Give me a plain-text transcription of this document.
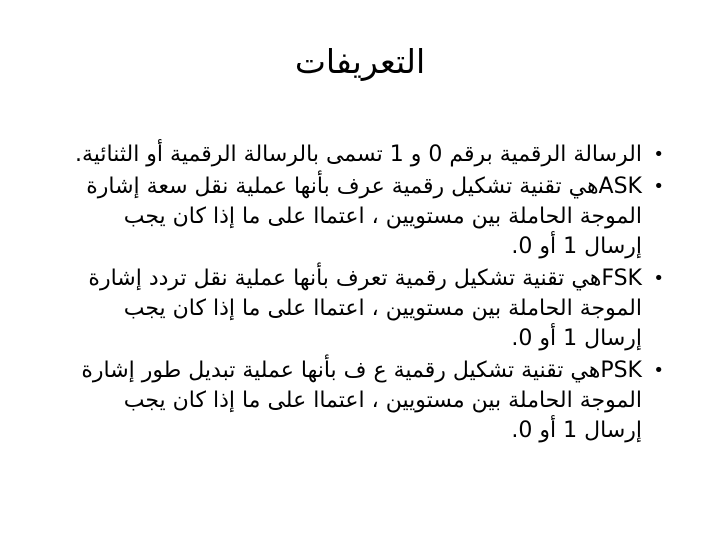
التعريفات
•
الرسالة الرقمية برقم 0 و 1 تسمى بالرسالة الرقمية أو الثنائية.
•
ASKهي تقنية تشكيل رقمية عرف بأنها عملية نقل سعة إشارة
الموجة الحاملة بين مستويين ، اعتماا على ما إذا كان يجب
إرسال 1 أو 0.
•
FSKهي تقنية تشكيل رقمية تعرف بأنها عملية نقل تردد إشارة
الموجة الحاملة بين مستويين ، اعتماا على ما إذا كان يجب
إرسال 1 أو 0.
•
PSKهي تقنية تشكيل رقمية ع ف بأنها عملية تبديل طور إشارة
الموجة الحاملة بين مستويين ، اعتماا على ما إذا كان يجب
إرسال 1 أو 0.
